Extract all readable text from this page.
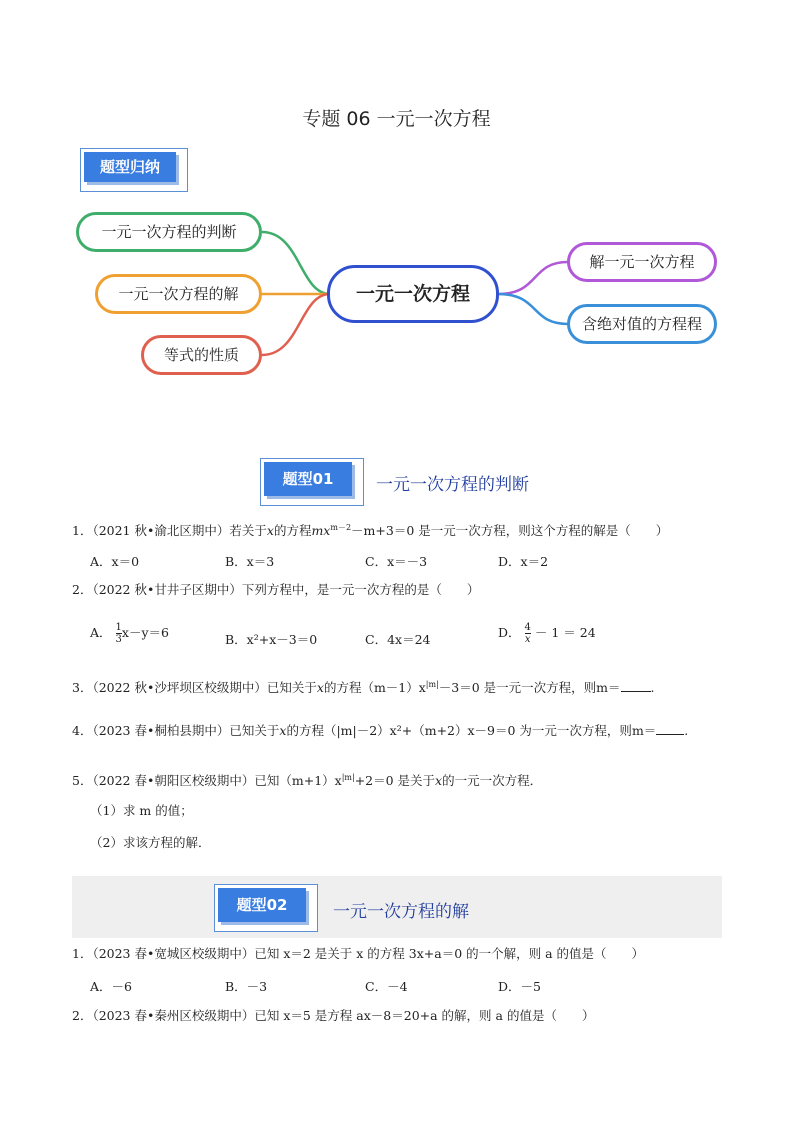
专题 06 一元一次方程
题型归纳
一元一次方程的判断
一元一次方程的解
等式的性质
一元一次方程
解一元一次方程
含绝对值的方程程
题型01	一元一次方程的判断
1．（2021 秋•渝北区期中）若关于x的方程$mx^{m-2}-m+3=0$ 是一元一次方程，则这个方程的解是（　　）
A．x＝0	B．x＝3	C．x＝－3	D．x＝2
2．（2022 秋•甘井子区期中）下列方程中，是一元一次方程的是（　　）
A． $\frac{1}{3} x-y=6$	B．x²+x－3＝0	C．4x＝24	D． $\frac{4}{x} - 1 = 24$
3．（2022 秋•沙坪坝区校级期中）已知关于x的方程$(m-1)x^{|m|}-3=0$ 是一元一次方程，则m＝ .
4．（2023 春•桐柏县期中）已知关于x的方程（|m|－2）x²+（m+2）x－9＝0 为一元一次方程，则m＝ .
5．（2022 春•朝阳区校级期中）已知$(m+1)x^{|m|}+2=0$ 是关于x的一元一次方程．
（1）求 m 的值；
（2）求该方程的解．
题型02	一元一次方程的解
1．（2023 春•宽城区校级期中）已知 x＝2 是关于 x 的方程 3x+a＝0 的一个解，则 a 的值是（　　）
A．－6	B．－3	C．－4	D．－5
2．（2023 春•秦州区校级期中）已知 x＝5 是方程 ax－8＝20+a 的解，则 a 的值是（　　）
